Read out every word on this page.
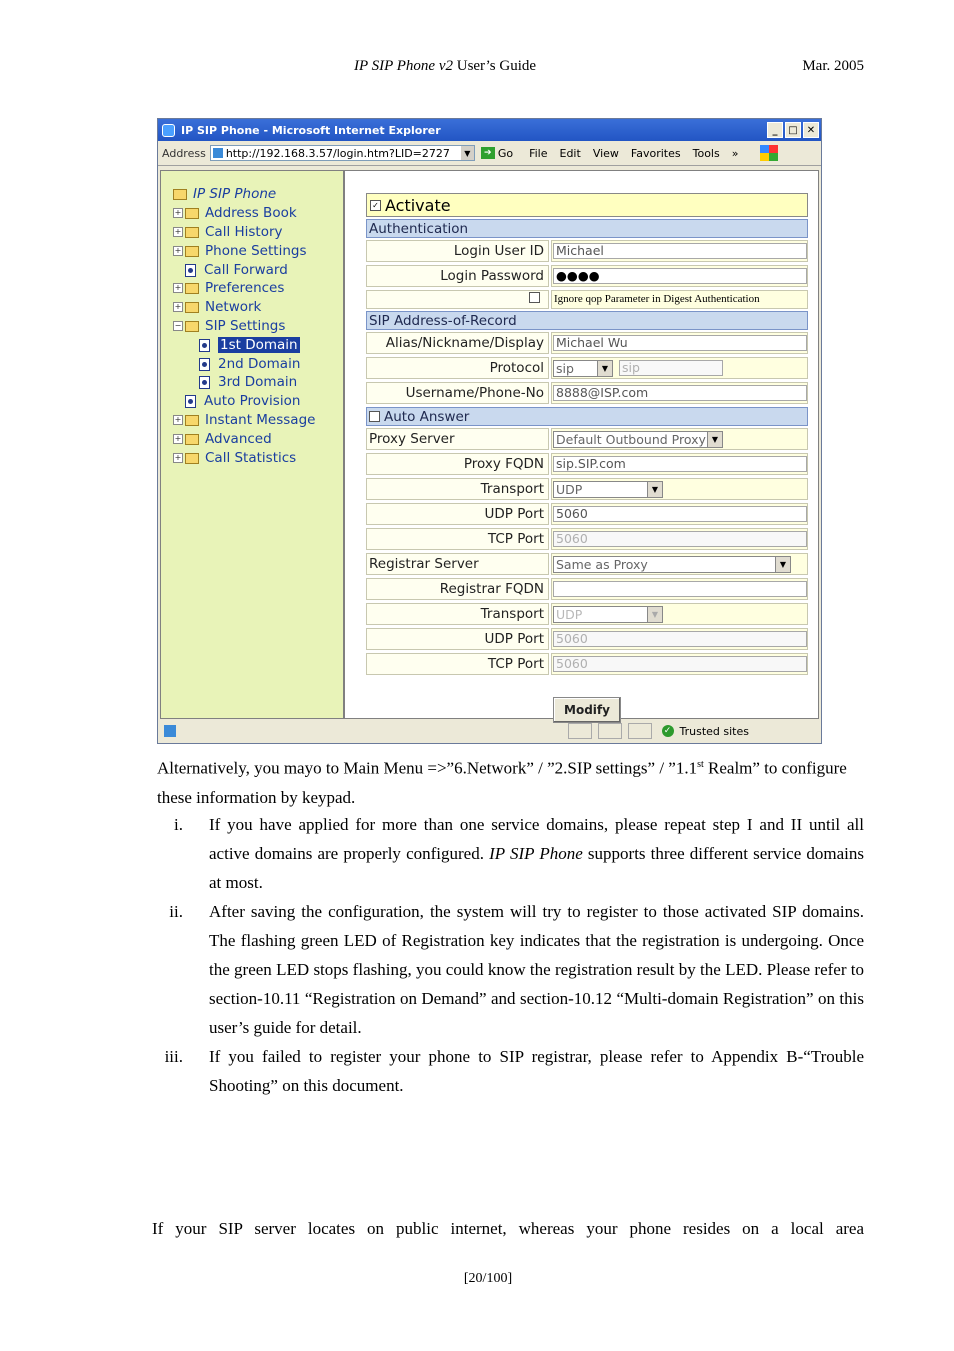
IP SIP Phone v2 User’s Guide	Mar. 2005
IP SIP Phone - Microsoft Internet Explorer	_	□ ✕
Address http://192.168.3.57/login.htm?LID=2727	▼	➔ Go File Edit View Favorites Tools »
IP SIP Phone
+ Address Book
+ Call History
+ Phone Settings
Call Forward
+ Preferences
+ Network
− SIP Settings
1st Domain
2nd Domain
3rd Domain
Auto Provision
+ Instant Message
+ Advanced
+ Call Statistics
✓ Activate
Authentication
Login User ID Michael
Login Password ●●●●
Ignore qop Parameter in Digest Authentication
SIP Address-of-Record
Alias/Nickname/Display Michael Wu
Protocol sip	▼	sip
Username/Phone-No 8888@ISP.com
Auto Answer
Proxy Server	Default Outbound Proxy ▼
Proxy FQDN sip.SIP.com
Transport UDP	▼
UDP Port 5060
TCP Port 5060
Registrar Server	Same as Proxy	▼
Registrar FQDN
Transport UDP	▼
UDP Port 5060
TCP Port 5060
Modify
✓ Trusted sites
Alternatively, you mayo to Main Menu =>”6.Network” / ”2.SIP settings” / ”1.1st Realm” to configure these information by keypad.
i. If you have applied for more than one service domains, please repeat step I and II until all active domains are properly configured. IP SIP Phone supports three different service domains at most.
ii. After saving the configuration, the system will try to register to those activated SIP domains. The flashing green LED of Registration key indicates that the registration is undergoing. Once the green LED stops flashing, you could know the registration result by the LED. Please refer to section-10.11 “Registration on Demand” and section-10.12 “Multi-domain Registration” on this user’s guide for detail.
iii. If you failed to register your phone to SIP registrar, please refer to Appendix B-“Trouble Shooting” on this document.
If your SIP server locates on public internet, whereas your phone resides on a local area
[20/100]
